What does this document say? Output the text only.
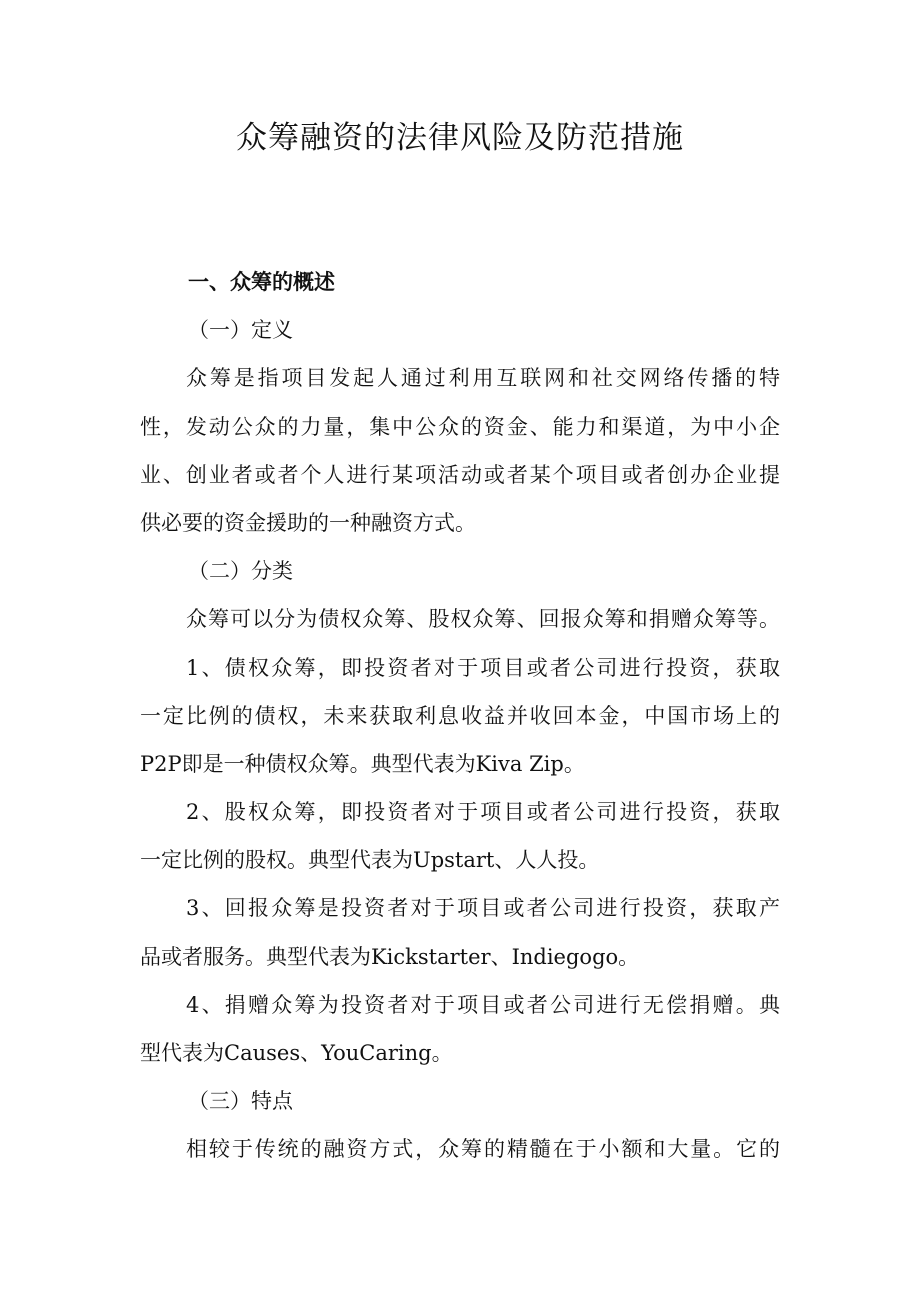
众筹融资的法律风险及防范措施
一、众筹的概述
（一）定义
众筹是指项目发起人通过利用互联网和社交网络传播的特
性，发动公众的力量，集中公众的资金、能力和渠道，为中小企
业、创业者或者个人进行某项活动或者某个项目或者创办企业提
供必要的资金援助的一种融资方式。
（二）分类
众筹可以分为债权众筹、股权众筹、回报众筹和捐赠众筹等。
1、债权众筹，即投资者对于项目或者公司进行投资，获取
一定比例的债权，未来获取利息收益并收回本金，中国市场上的
P2P即是一种债权众筹。典型代表为Kiva Zip。
2、股权众筹，即投资者对于项目或者公司进行投资，获取
一定比例的股权。典型代表为Upstart、人人投。
3、回报众筹是投资者对于项目或者公司进行投资，获取产
品或者服务。典型代表为Kickstarter、Indiegogo。
4、捐赠众筹为投资者对于项目或者公司进行无偿捐赠。典
型代表为Causes、YouCaring。
（三）特点
相较于传统的融资方式，众筹的精髓在于小额和大量。它的
